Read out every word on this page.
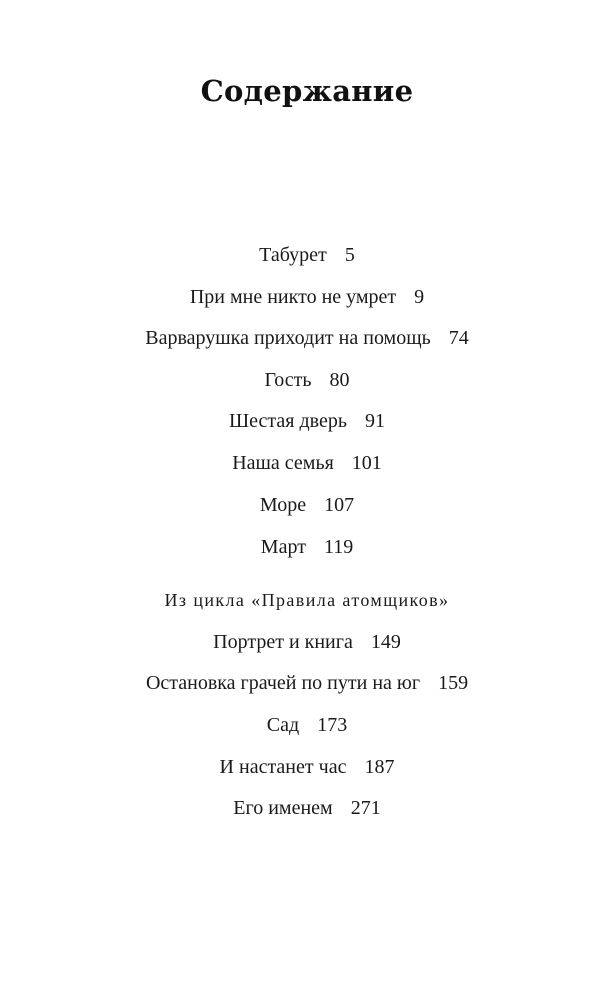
Содержание
Табурет 5
При мне никто не умрет 9
Варварушка приходит на помощь 74
Гость 80
Шестая дверь 91
Наша семья 101
Море 107
Март 119
Из цикла «Правила атомщиков»
Портрет и книга 149
Остановка грачей по пути на юг 159
Сад 173
И настанет час 187
Его именем 271
